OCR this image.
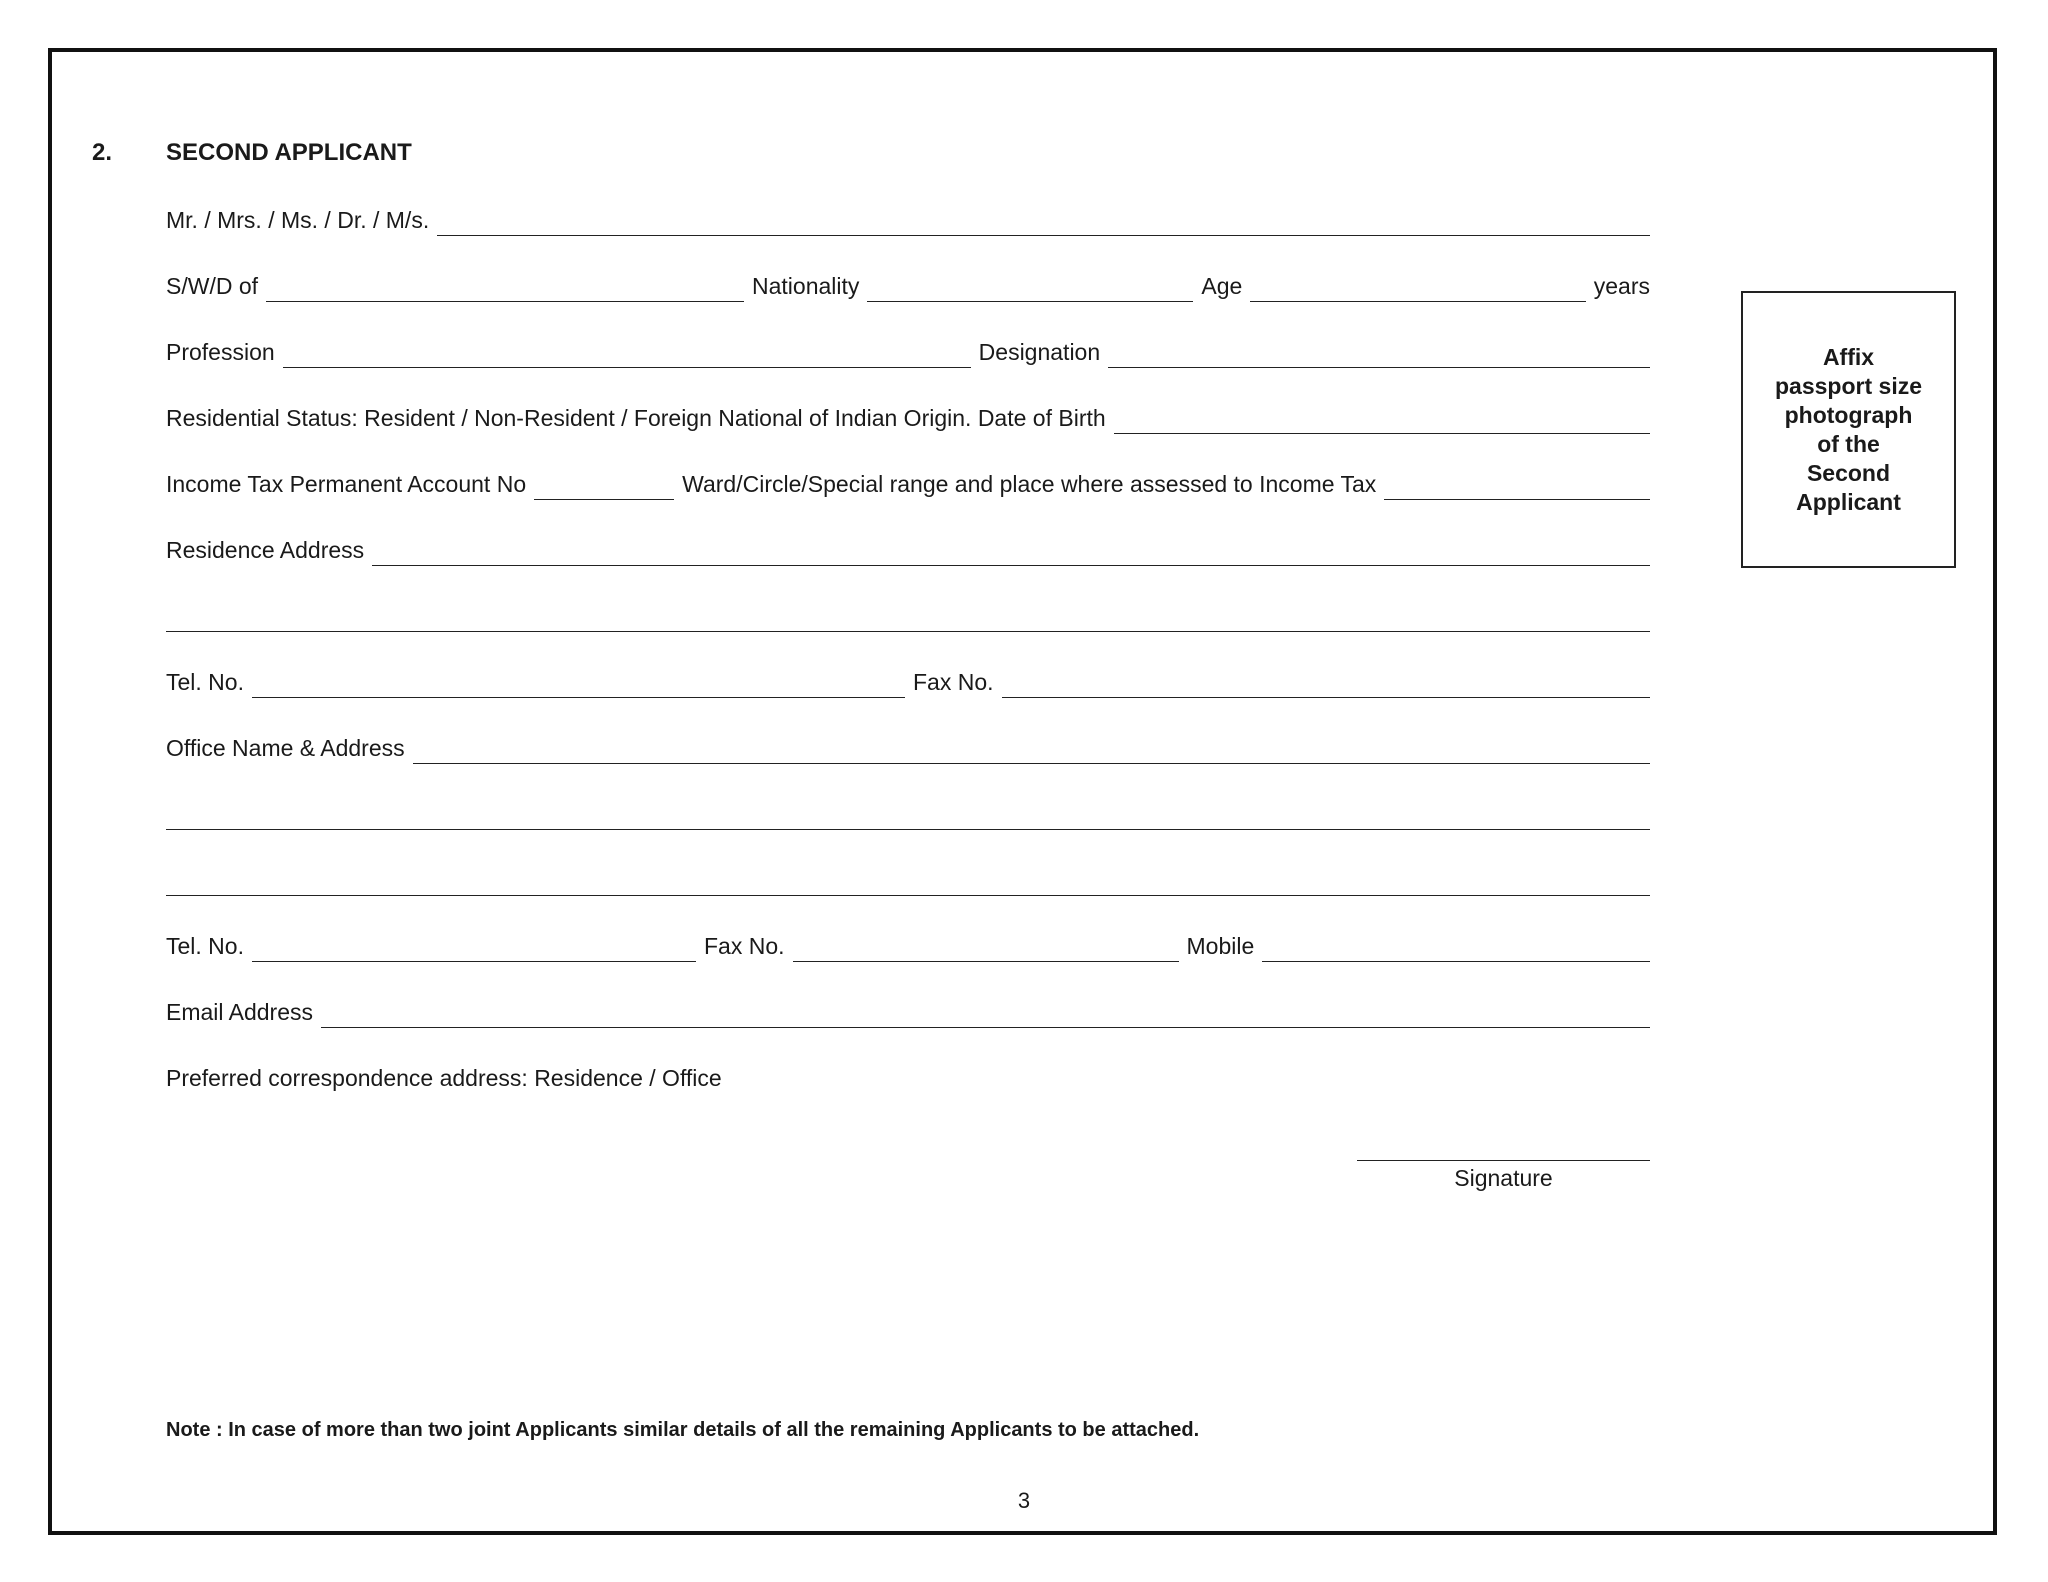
2. SECOND APPLICANT
Mr. / Mrs. / Ms. / Dr. / M/s.
S/W/D of	Nationality	Age	years
Profession	Designation
Residential Status: Resident / Non-Resident / Foreign National of Indian Origin. Date of Birth
Income Tax Permanent Account No	Ward/Circle/Special range and place where assessed to Income Tax
Residence Address
Tel. No.	Fax No.
Office Name & Address
Tel. No.	Fax No.	Mobile
Email Address
Preferred correspondence address: Residence / Office
Affix
passport size
photograph
of the
Second
Applicant
Signature
Note : In case of more than two joint Applicants similar details of all the remaining Applicants to be attached.
3
